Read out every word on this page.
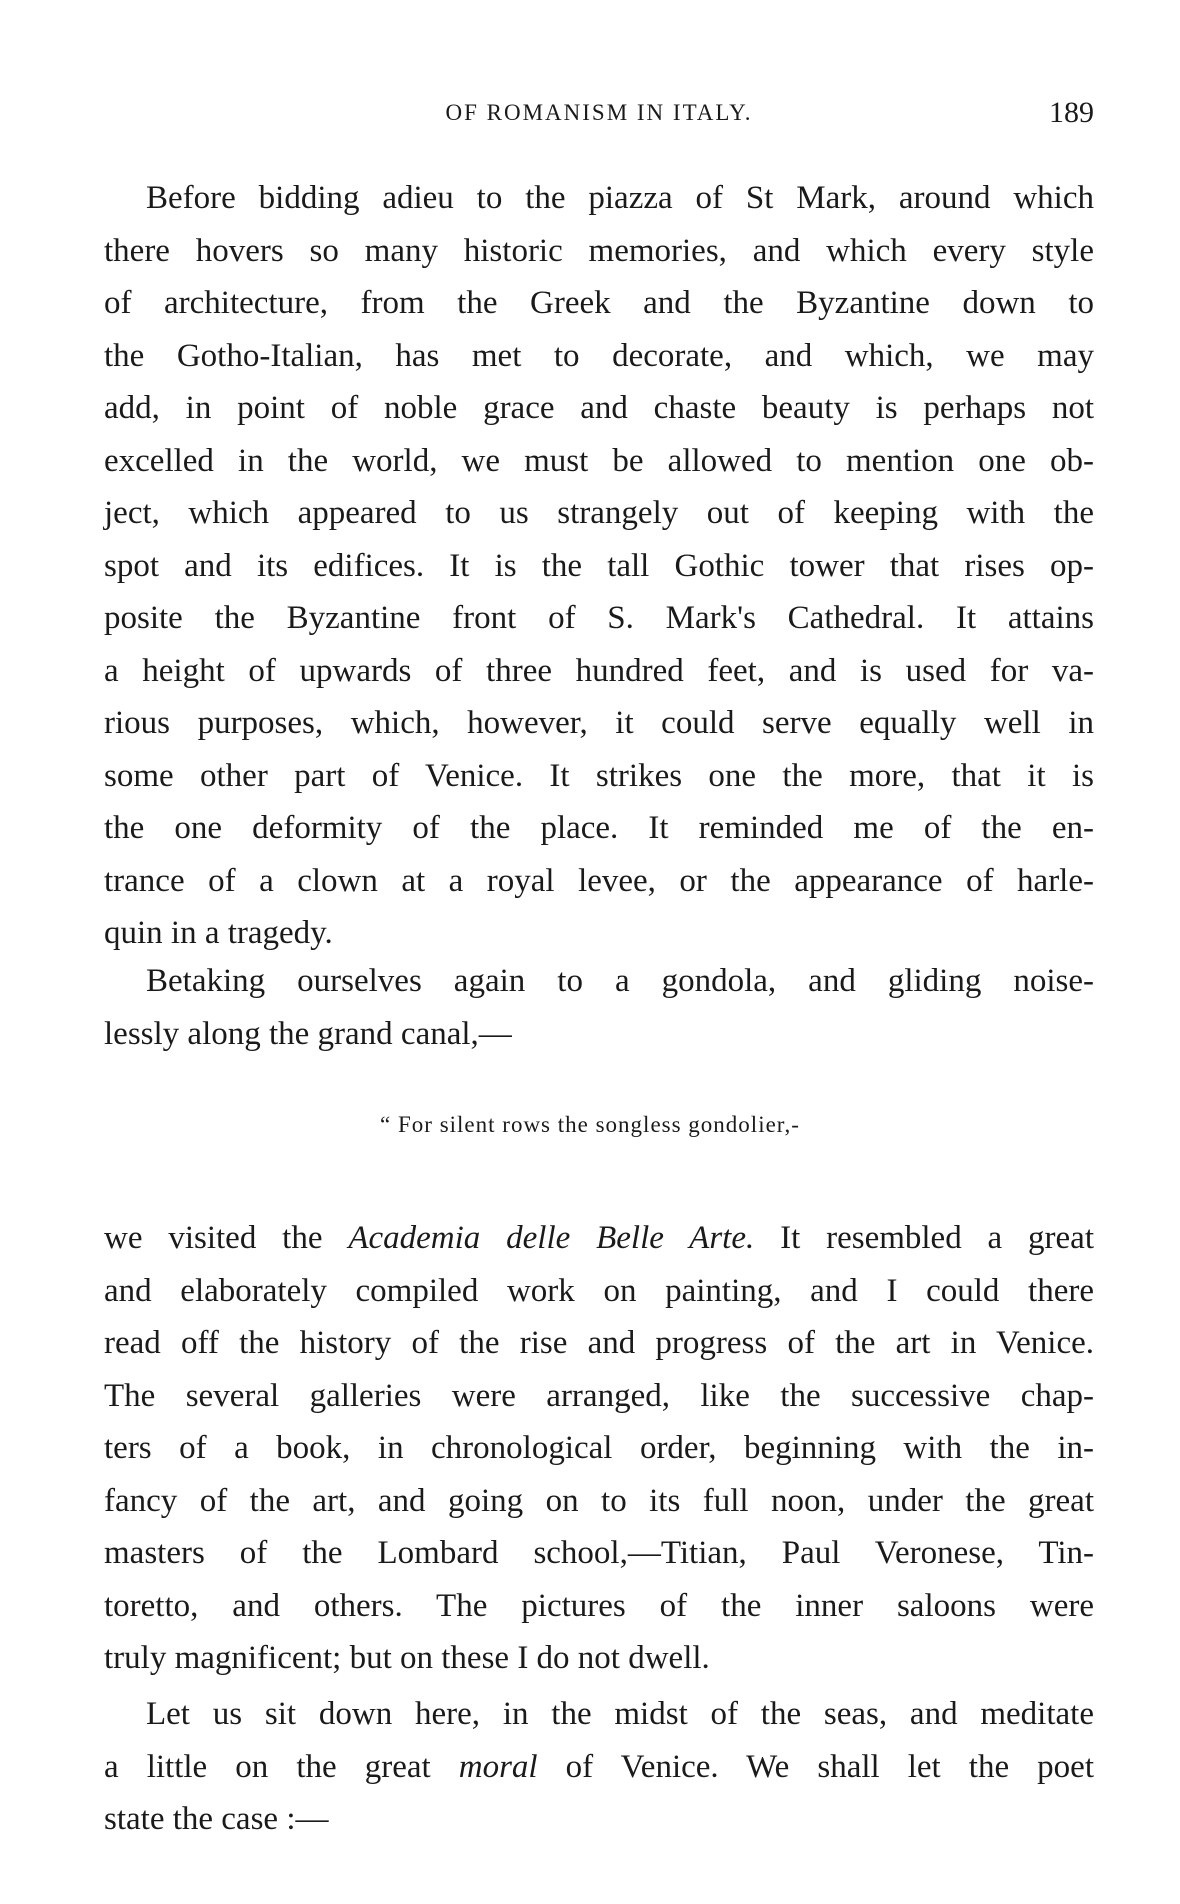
OF ROMANISM IN ITALY.	189
Before bidding adieu to the piazza of St Mark, around which
there hovers so many historic memories, and which every style
of architecture, from the Greek and the Byzantine down to
the Gotho-Italian, has met to decorate, and which, we may
add, in point of noble grace and chaste beauty is perhaps not
excelled in the world, we must be allowed to mention one ob-
ject, which appeared to us strangely out of keeping with the
spot and its edifices. It is the tall Gothic tower that rises op-
posite the Byzantine front of S. Mark's Cathedral. It attains
a height of upwards of three hundred feet, and is used for va-
rious purposes, which, however, it could serve equally well in
some other part of Venice. It strikes one the more, that it is
the one deformity of the place. It reminded me of the en-
trance of a clown at a royal levee, or the appearance of harle-
quin in a tragedy.
Betaking ourselves again to a gondola, and gliding noise-
lessly along the grand canal,—
“ For silent rows the songless gondolier,-
we visited the Academia delle Belle Arte. It resembled a great
and elaborately compiled work on painting, and I could there
read off the history of the rise and progress of the art in Venice.
The several galleries were arranged, like the successive chap-
ters of a book, in chronological order, beginning with the in-
fancy of the art, and going on to its full noon, under the great
masters of the Lombard school,—Titian, Paul Veronese, Tin-
toretto, and others. The pictures of the inner saloons were
truly magnificent; but on these I do not dwell.
Let us sit down here, in the midst of the seas, and meditate
a little on the great moral of Venice. We shall let the poet
state the case :—
